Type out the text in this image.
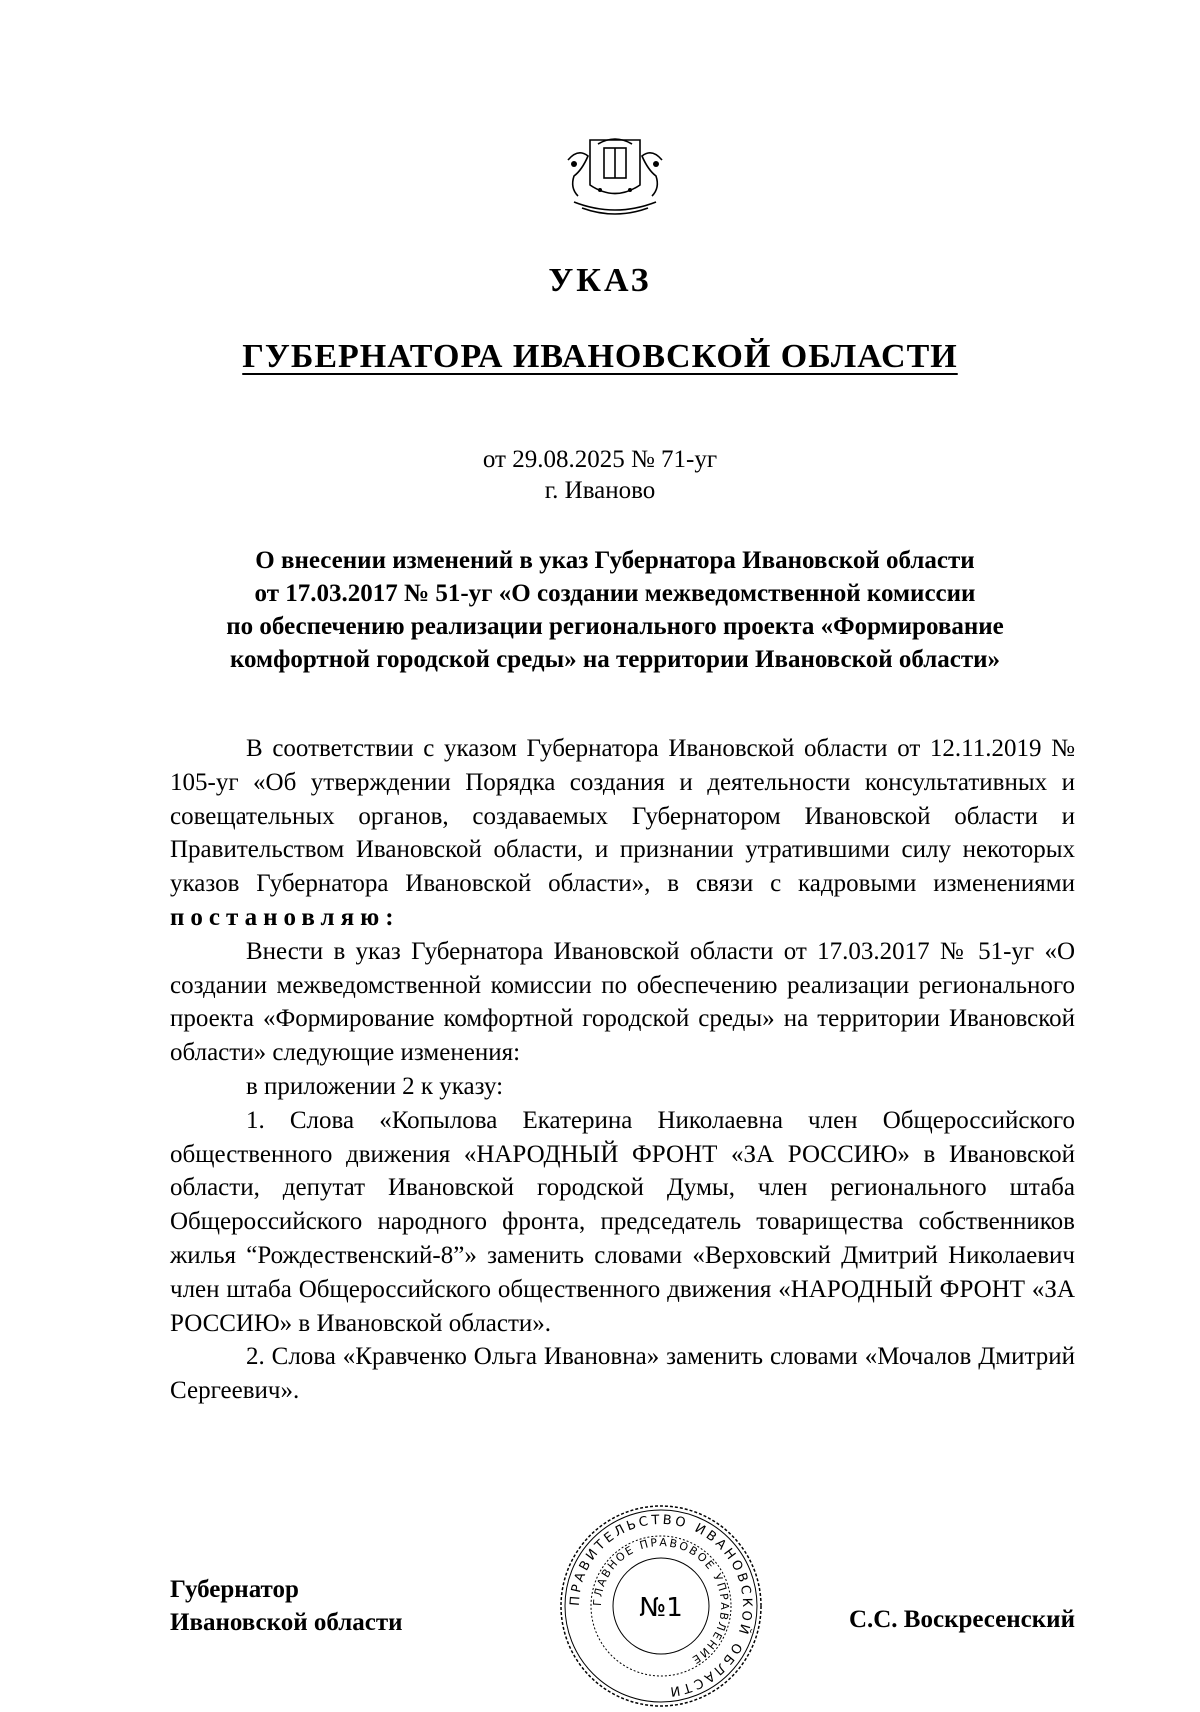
УКАЗ
ГУБЕРНАТОРА ИВАНОВСКОЙ ОБЛАСТИ
от 29.08.2025 № 71-уг
г. Иваново
О внесении изменений в указ Губернатора Ивановской области
от 17.03.2017 № 51-уг «О создании межведомственной комиссии
по обеспечению реализации регионального проекта «Формирование
комфортной городской среды» на территории Ивановской области»

В соответствии с указом Губернатора Ивановской области от 12.11.2019 № 105-уг «Об утверждении Порядка создания и деятельности консультативных и совещательных органов, создаваемых Губернатором Ивановской области и Правительством Ивановской области, и признании утратившими силу некоторых указов Губернатора Ивановской области», в связи с кадровыми изменениями постановляю:

Внести в указ Губернатора Ивановской области от 17.03.2017 № 51-уг «О создании межведомственной комиссии по обеспечению реализации регионального проекта «Формирование комфортной городской среды» на территории Ивановской области» следующие изменения:

в приложении 2 к указу:

1. Слова «Копылова Екатерина Николаевна член Общероссийского общественного движения «НАРОДНЫЙ ФРОНТ «ЗА РОССИЮ» в Ивановской области, депутат Ивановской городской Думы, член регионального штаба Общероссийского народного фронта, председатель товарищества собственников жилья “Рождественский-8”» заменить словами «Верховский Дмитрий Николаевич член штаба Общероссийского общественного движения «НАРОДНЫЙ ФРОНТ «ЗА РОССИЮ» в Ивановской области».

2. Слова «Кравченко Ольга Ивановна» заменить словами «Мочалов Дмитрий Сергеевич».

Губернатор
Ивановской области	С.С. Воскресенский
ПРАВИТЕЛЬСТВО ИВАНОВСКОЙ ОБЛАСТИ
ГЛАВНОЕ ПРАВОВОЕ УПРАВЛЕНИЕ
№1
